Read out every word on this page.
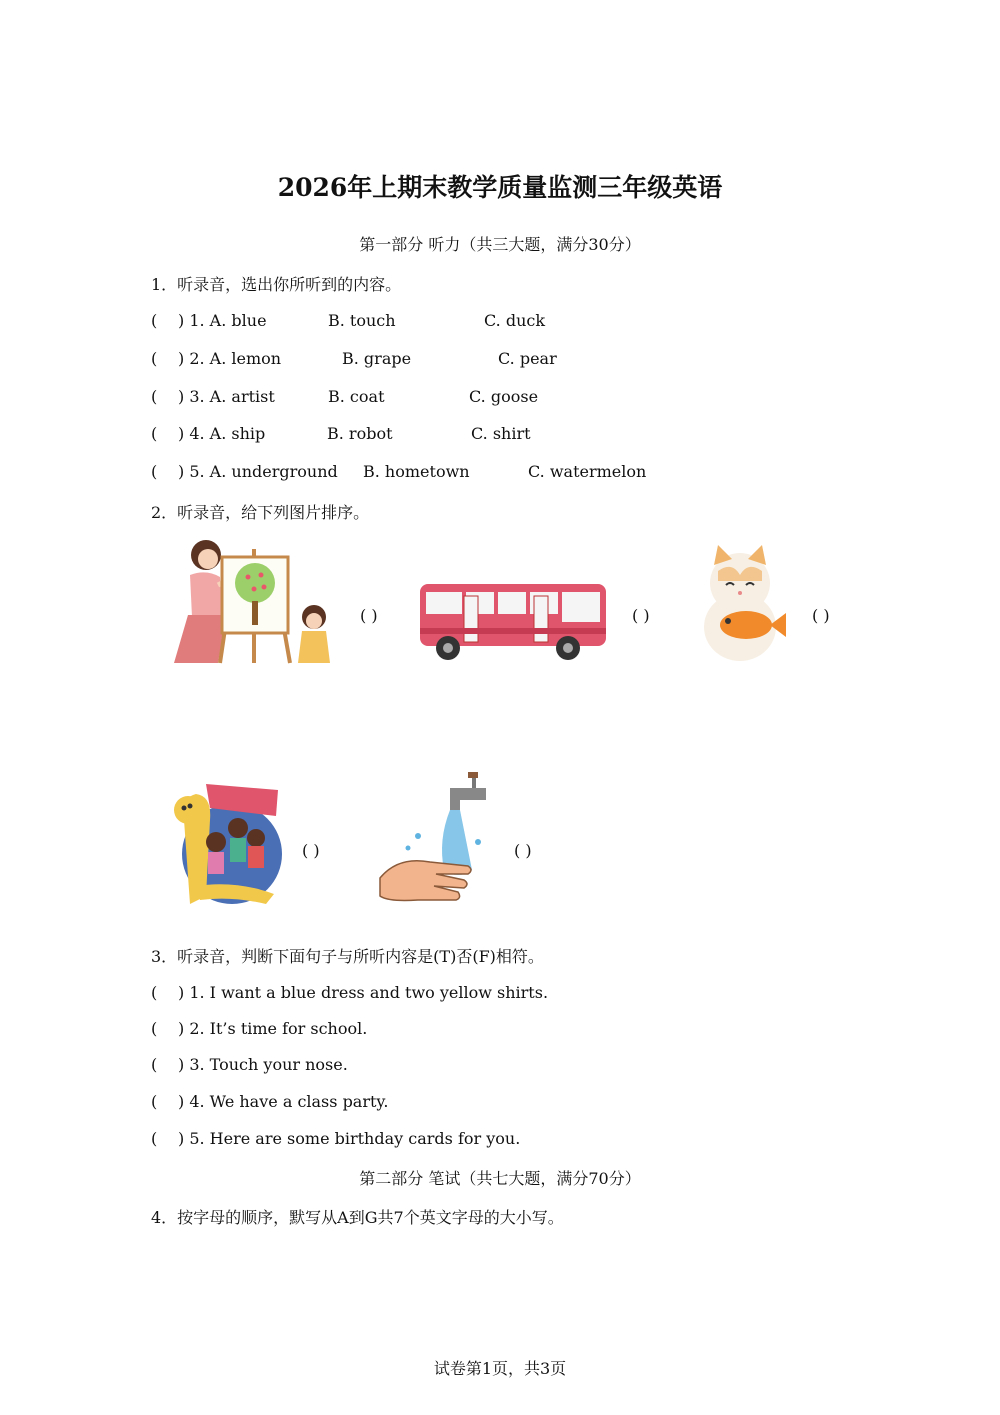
2026年上期末教学质量监测三年级英语
第一部分 听力（共三大题，满分30分）
1．听录音，选出你所听到的内容。
( ) 1. A. blue	B. touch	C. duck
( ) 2. A. lemon	B. grape	C. pear
( ) 3. A. artist	B. coat	C. goose
( ) 4. A. ship	B. robot	C. shirt
( ) 5. A. underground B. hometown	C. watermelon
2．听录音，给下列图片排序。
( )	( )	( )
( )	( )
3．听录音，判断下面句子与所听内容是(T)否(F)相符。
( ) 1. I want a blue dress and two yellow shirts.
( ) 2. It’s time for school.
( ) 3. Touch your nose.
( ) 4. We have a class party.
( ) 5. Here are some birthday cards for you.
第二部分 笔试（共七大题，满分70分）
4．按字母的顺序，默写从A到G共7个英文字母的大小写。
试卷第1页，共3页
